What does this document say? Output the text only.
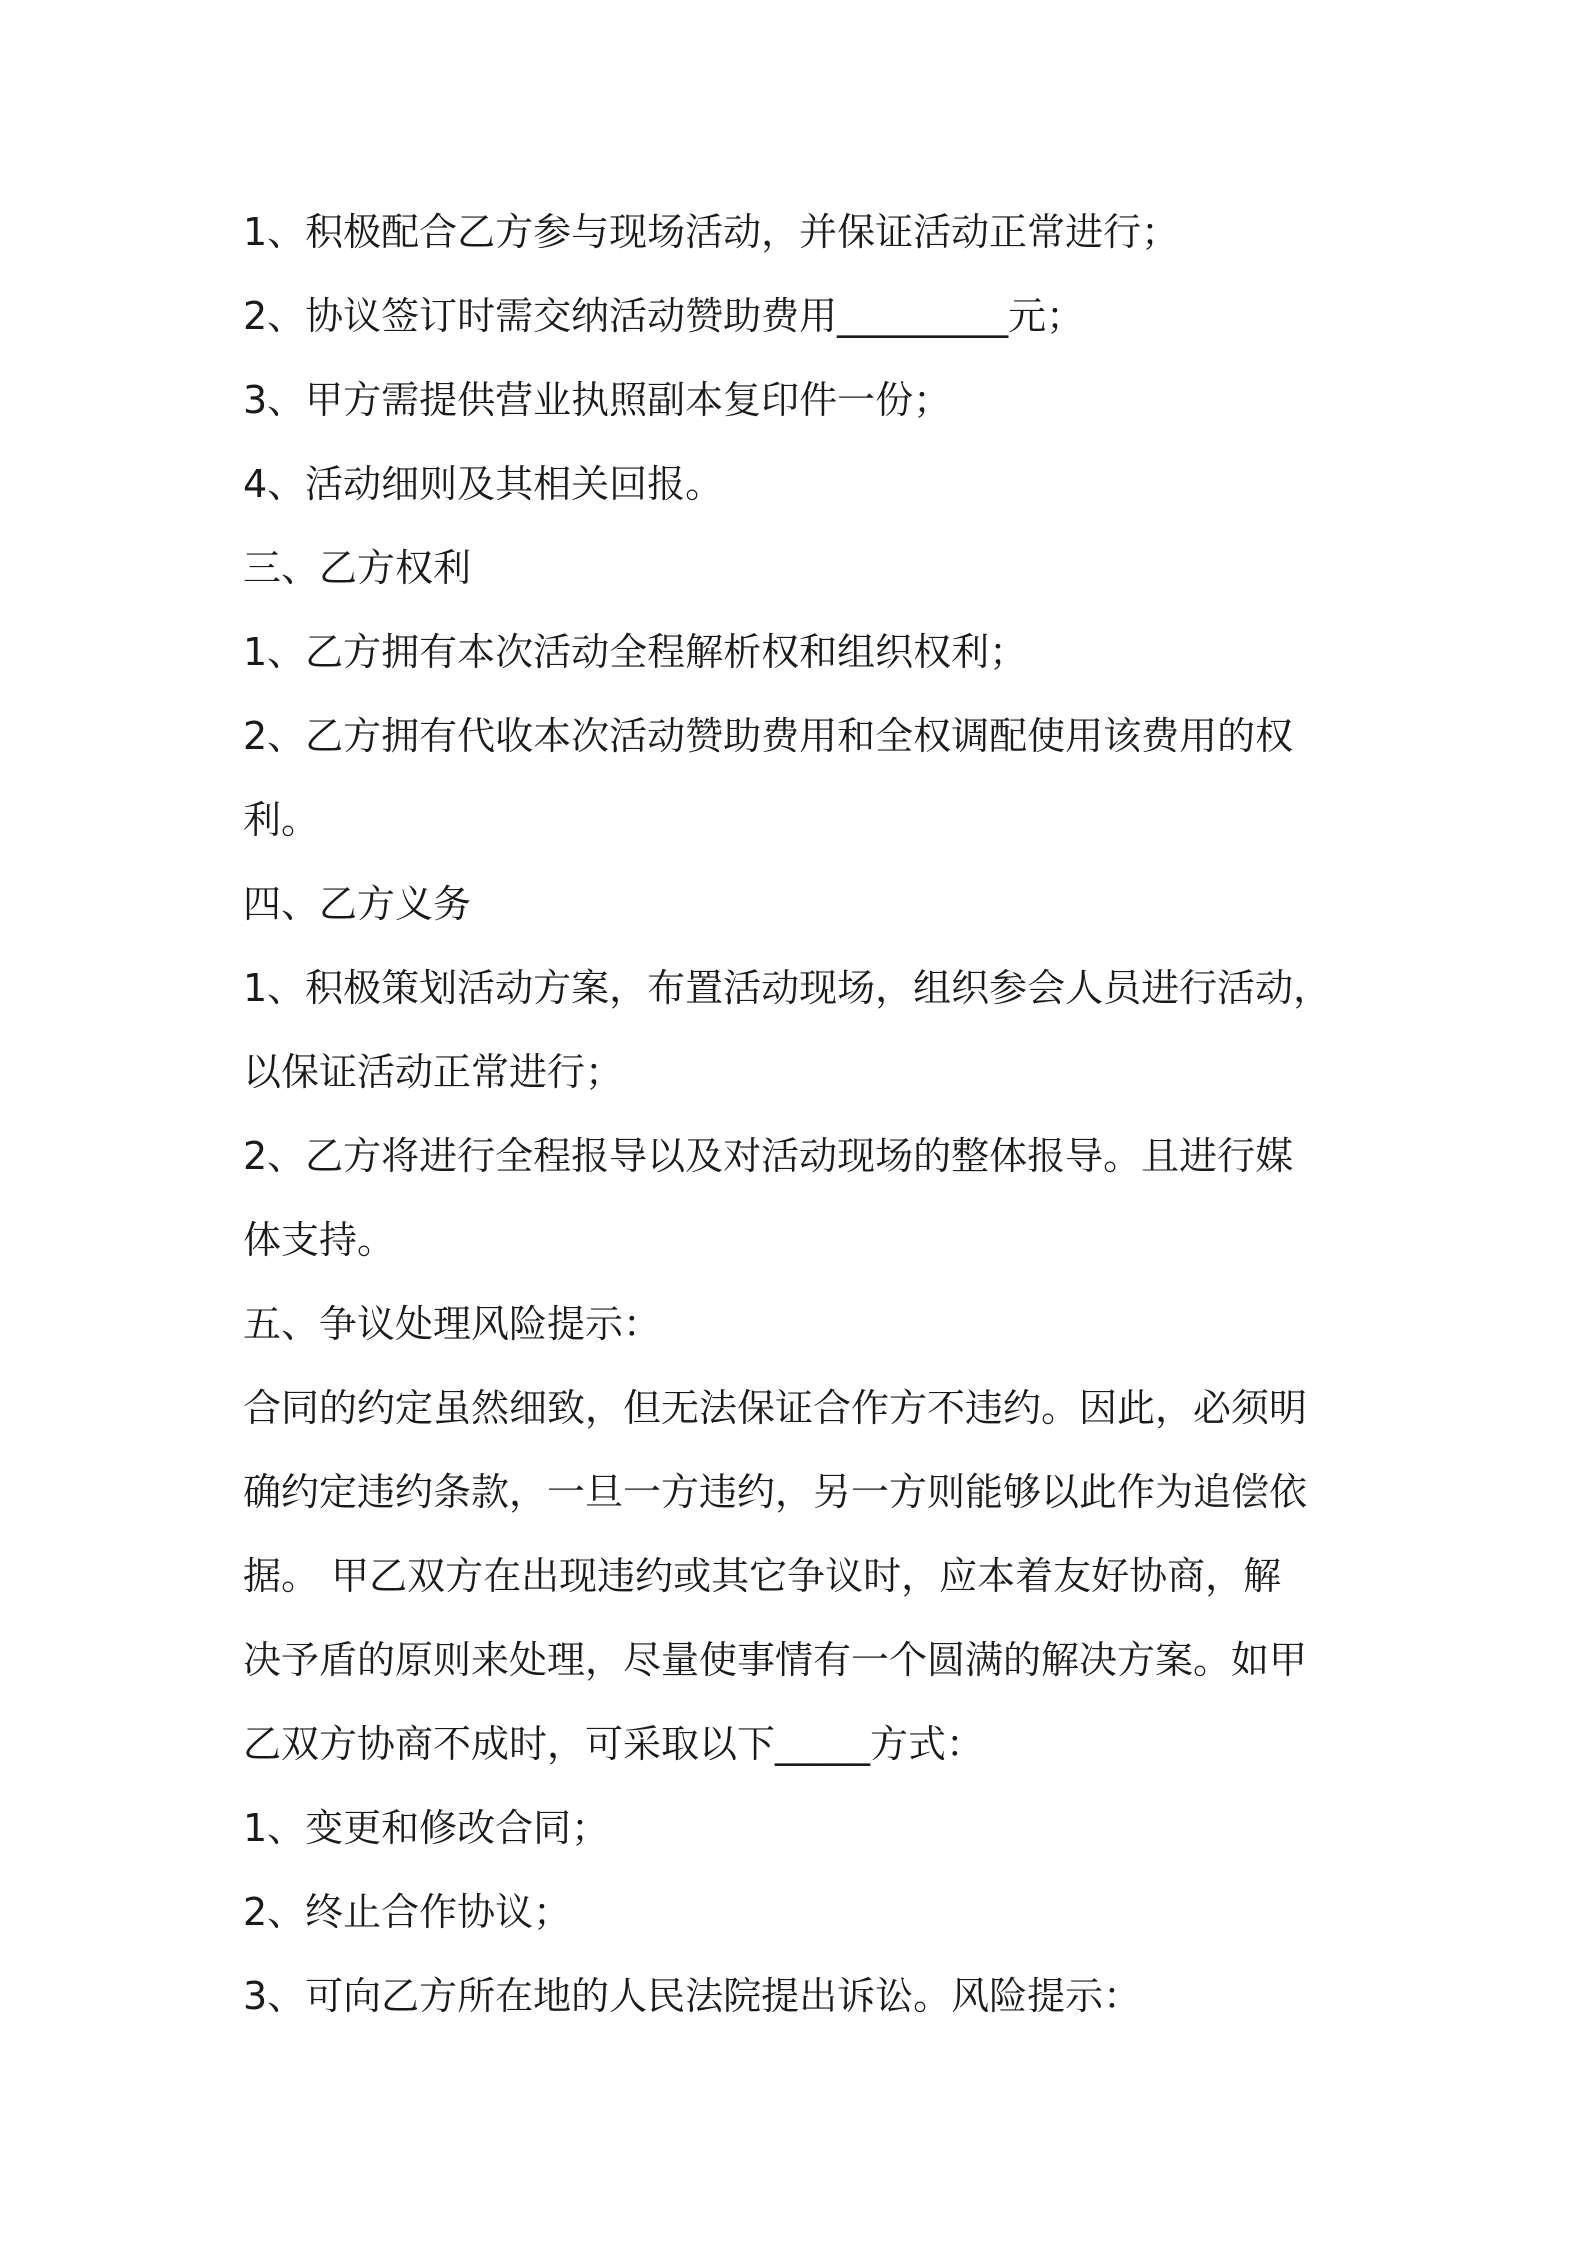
1、积极配合乙方参与现场活动，并保证活动正常进行；
2、协议签订时需交纳活动赞助费用_________元；
3、甲方需提供营业执照副本复印件一份；
4、活动细则及其相关回报。
三、乙方权利
1、乙方拥有本次活动全程解析权和组织权利；
2、乙方拥有代收本次活动赞助费用和全权调配使用该费用的权
利。
四、乙方义务
1、积极策划活动方案，布置活动现场，组织参会人员进行活动，
以保证活动正常进行；
2、乙方将进行全程报导以及对活动现场的整体报导。且进行媒
体支持。
五、争议处理风险提示：
合同的约定虽然细致，但无法保证合作方不违约。因此，必须明
确约定违约条款，一旦一方违约，另一方则能够以此作为追偿依
据。 甲乙双方在出现违约或其它争议时，应本着友好协商，解
决予盾的原则来处理，尽量使事情有一个圆满的解决方案。如甲
乙双方协商不成时，可采取以下_____方式：
1、变更和修改合同；
2、终止合作协议；
3、可向乙方所在地的人民法院提出诉讼。风险提示：
